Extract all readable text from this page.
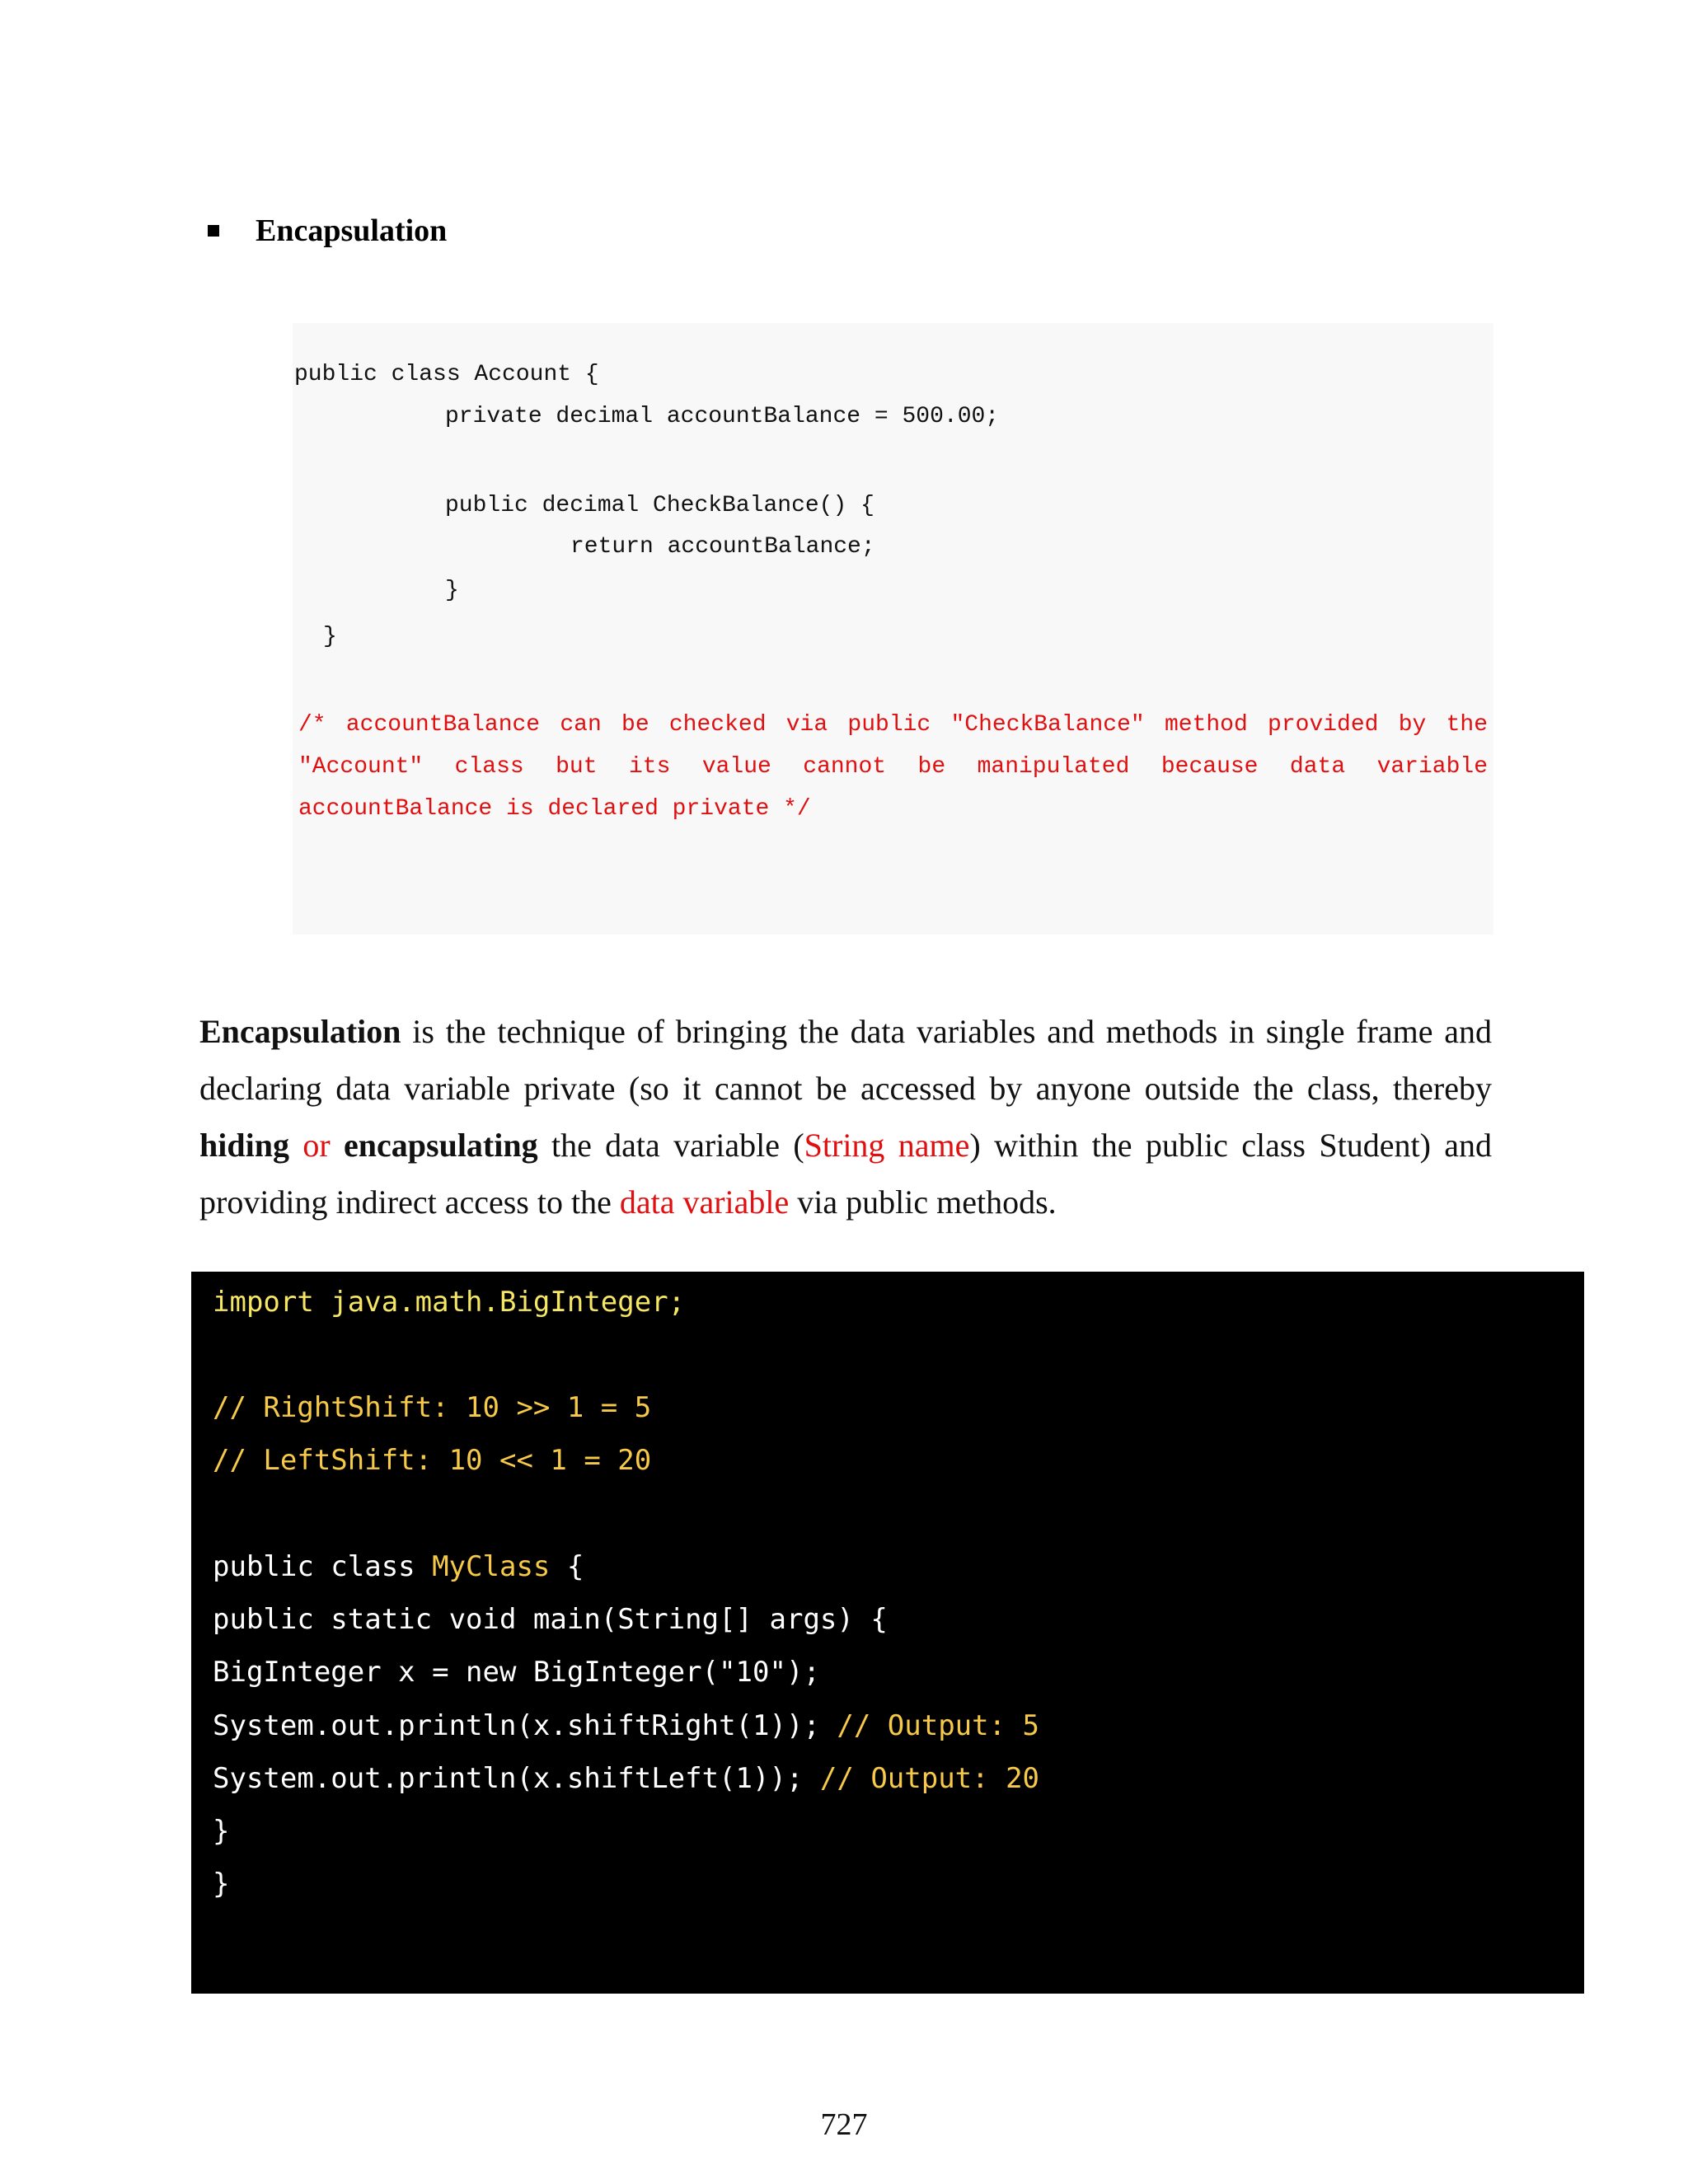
Encapsulation
public class Account {
private decimal accountBalance = 500.00;
public decimal CheckBalance() {
return accountBalance;
}
}
/* accountBalance can be checked via public "CheckBalance" method provided by the "Account" class but its value cannot be manipulated because data variable accountBalance is declared private */
Encapsulation is the technique of bringing the data variables and methods in single frame and declaring data variable private (so it cannot be accessed by anyone outside the class, thereby hiding or encapsulating the data variable (String name) within the public class Student) and providing indirect access to the data variable via public methods.
import java.math.BigInteger;
// RightShift: 10 >> 1 = 5
// LeftShift: 10 << 1 = 20
public class MyClass {
public static void main(String[] args) {
BigInteger x = new BigInteger("10");
System.out.println(x.shiftRight(1)); // Output: 5
System.out.println(x.shiftLeft(1)); // Output: 20
}
}
727
